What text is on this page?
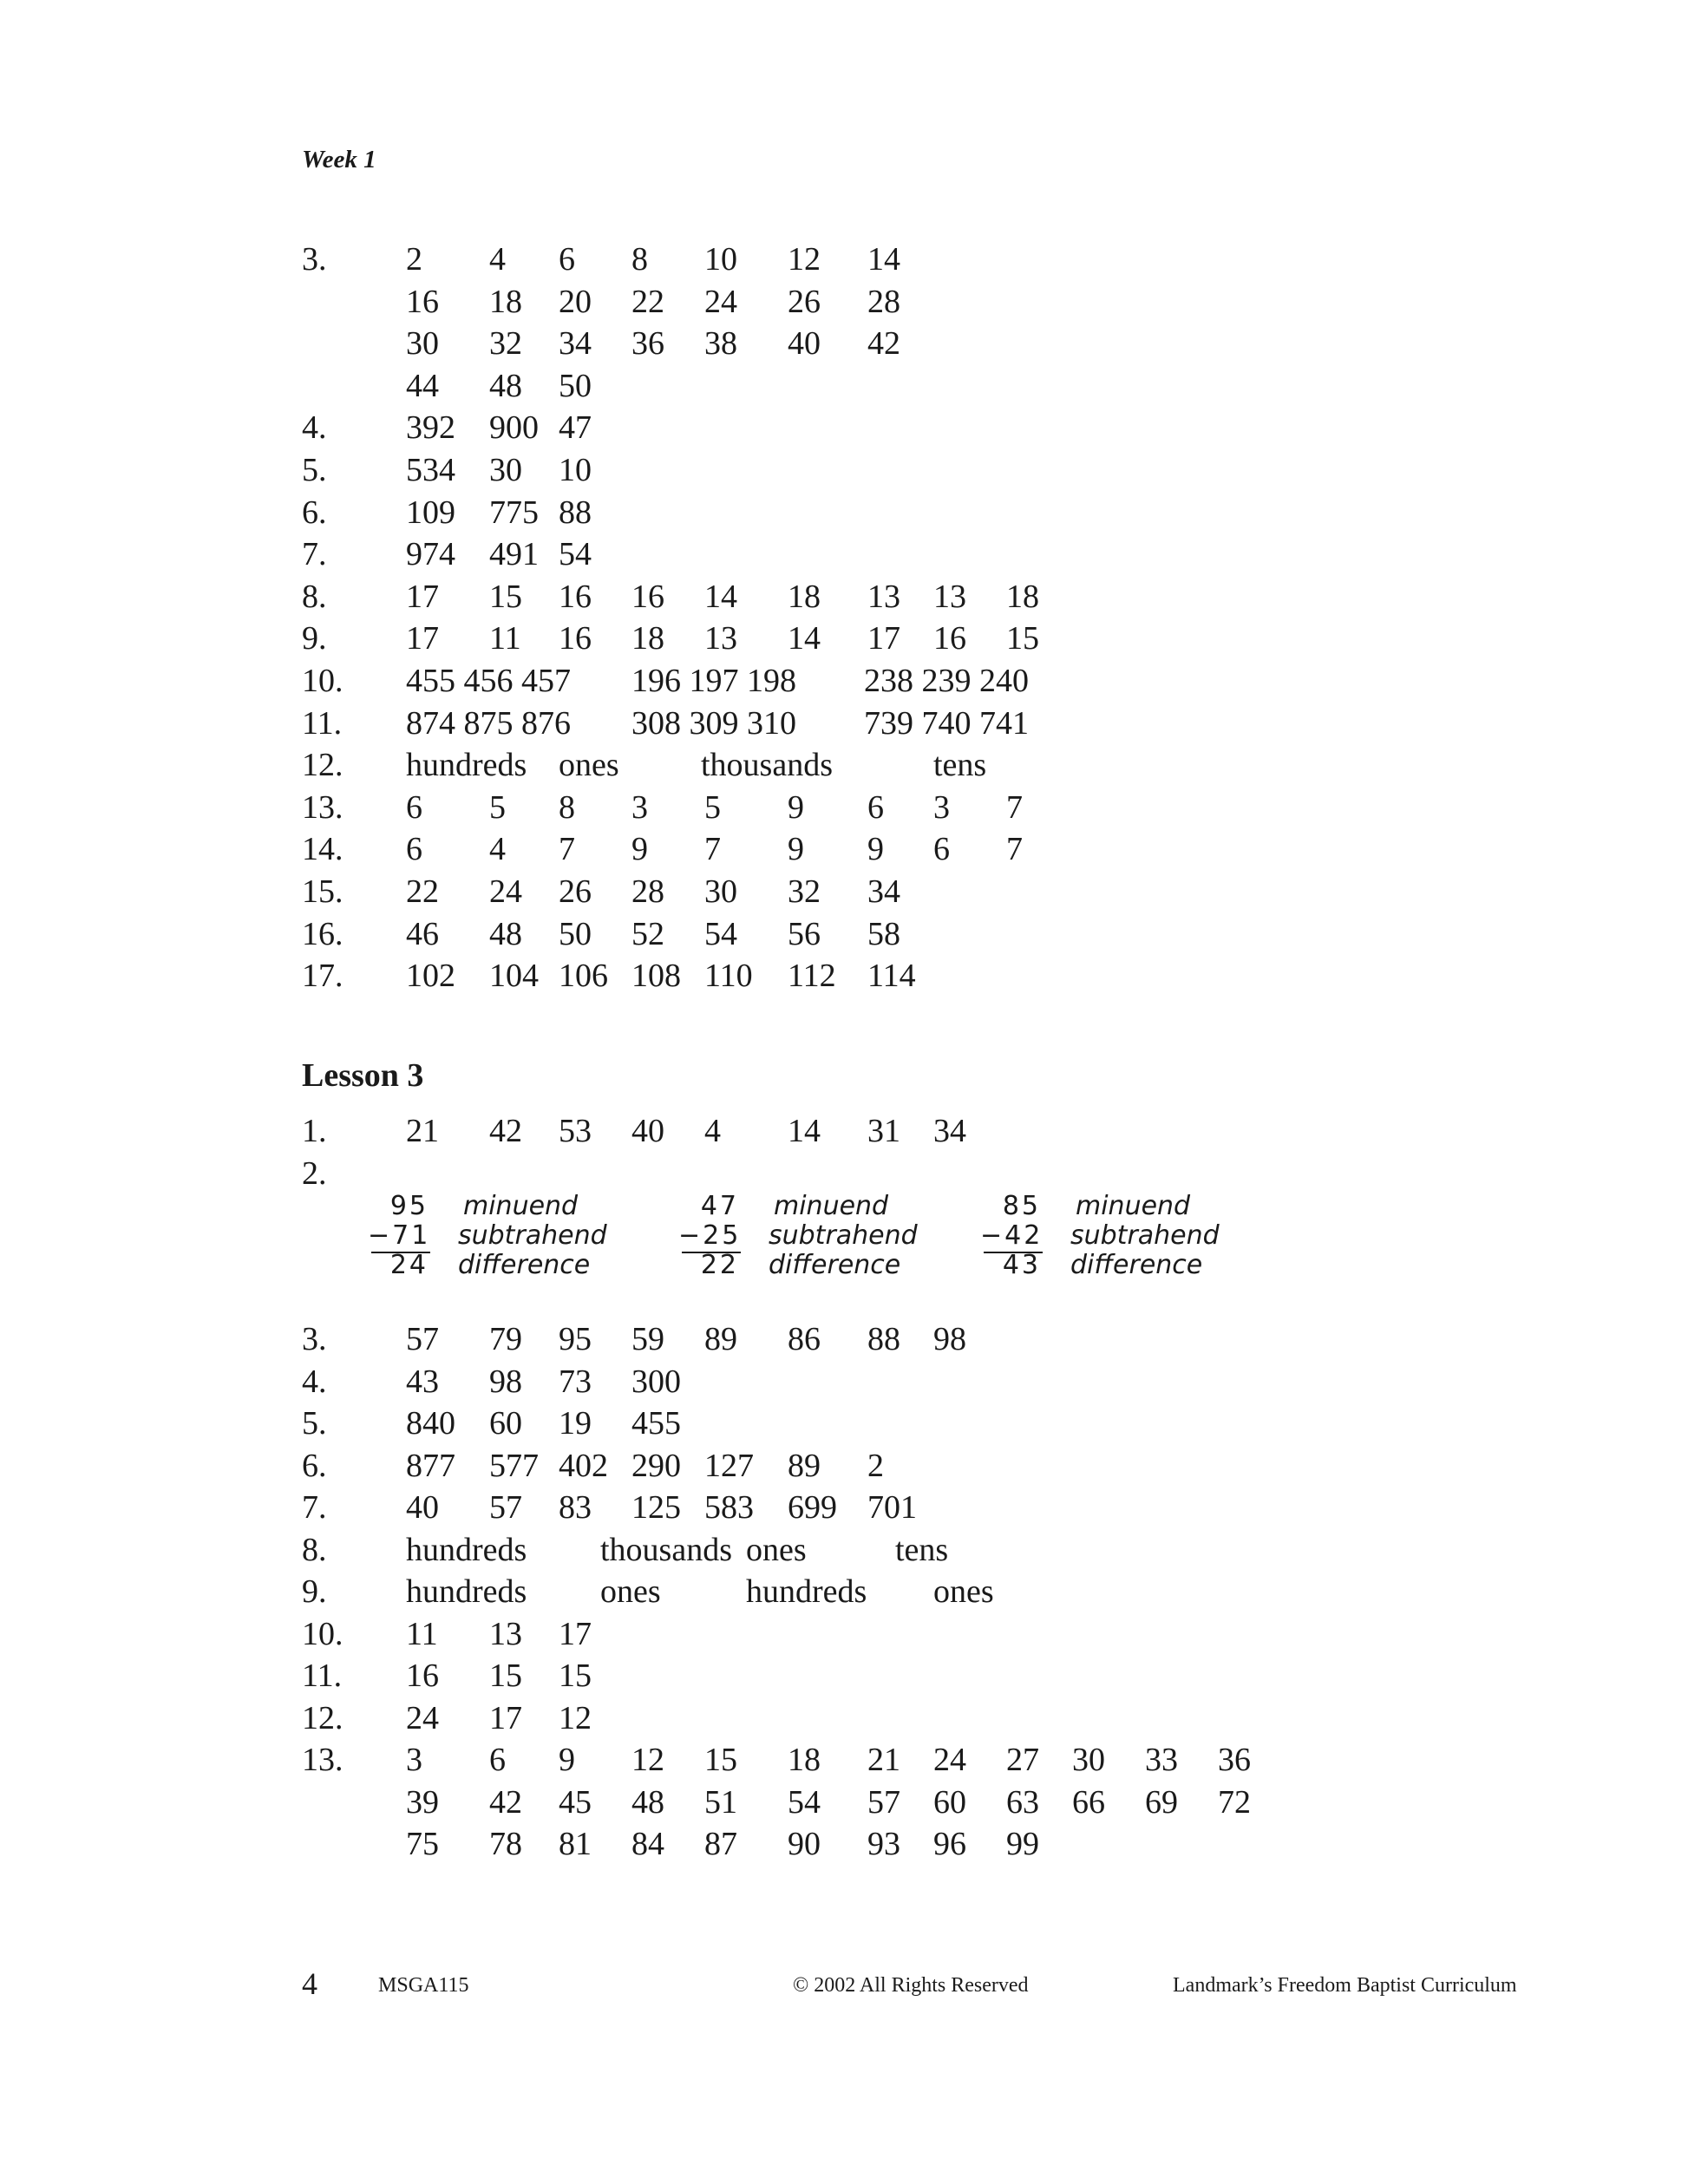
Week 1
3. 2 4 6 8 10 12 14
16 18 20 22 24 26 28
30 32 34 36 38 40 42
44 48 50
4. 392 900 47
5. 534 30 10
6. 109 775 88
7. 974 491 54
8. 17 15 16 16 14 18 13 13 18
9. 17 11 16 18 13 14 17 16 15
10. 455 456 457 196 197 198 238 239 240
11. 874 875 876 308 309 310 739 740 741
12. hundreds ones thousands	tens
13. 6 5 8 3 5 9 6 3 7
14. 6 4 7 9 7 9 9 6 7
15. 22 24 26 28 30 32 34
16. 46 48 50 52 54 56 58
17. 102 104 106 108 110 112 114
Lesson 3
1. 21 42 53 40 4 14 31 34
2.
95 minuend
−71 subtrahend
24 difference
47 minuend
−25 subtrahend
22 difference
85 minuend
−42 subtrahend
43 difference
3. 57 79 95 59 89 86 88 98
4. 43 98 73 300
5. 840 60 19 455
6. 877 577 402 290 127 89 2
7. 40 57 83 125 583 699 701
8. hundreds thousands ones	tens
9. hundreds ones	hundreds ones
10. 11 13 17
11. 16 15 15
12. 24 17 12
13. 3 6 9 12 15 18 21 24 27 30 33 36
39 42 45 48 51 54 57 60 63 66 69 72
75 78 81 84 87 90 93 96 99
4	MSGA115	© 2002 All Rights Reserved	Landmark’s Freedom Baptist Curriculum
